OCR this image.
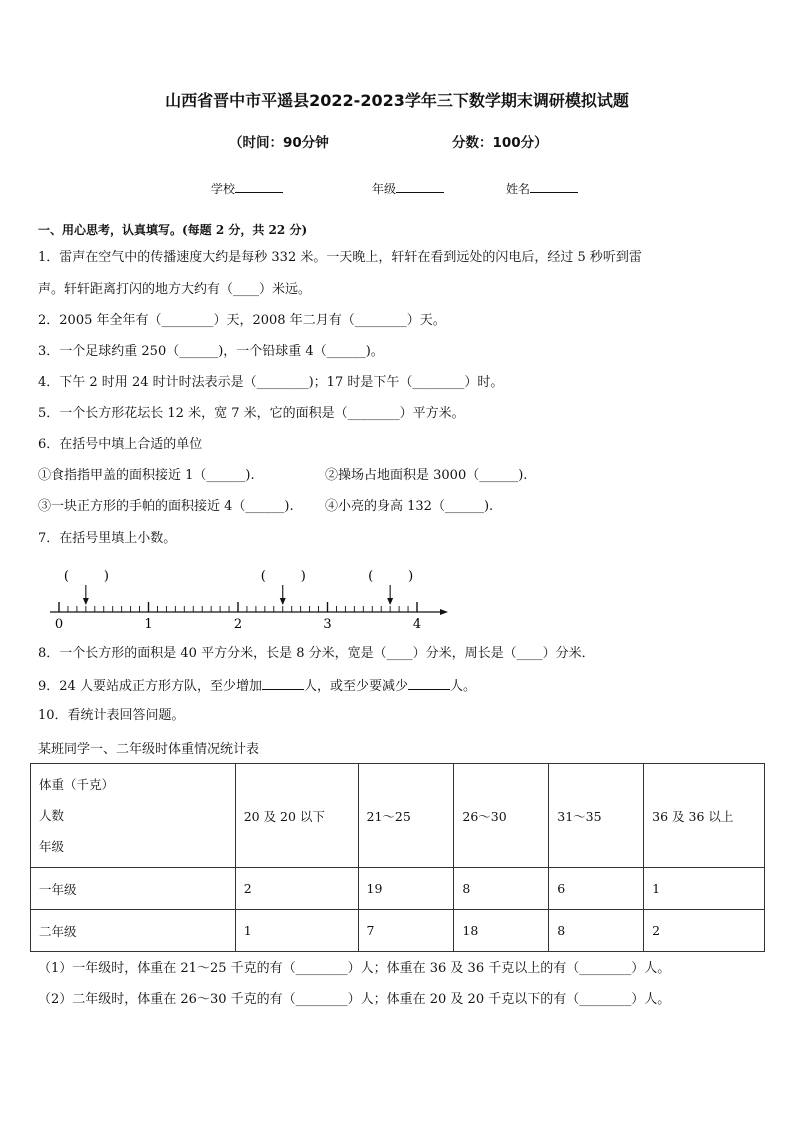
山西省晋中市平遥县2022-2023学年三下数学期末调研模拟试题
（时间：90分钟	分数：100分）
学校	年级	姓名
一、用心思考，认真填写。(每题 2 分，共 22 分)
1．雷声在空气中的传播速度大约是每秒 332 米。一天晚上，轩轩在看到远处的闪电后，经过 5 秒听到雷
声。轩轩距离打闪的地方大约有（____）米远。
2．2005 年全年有（________）天，2008 年二月有（________）天。
3．一个足球约重 250（______)，一个铅球重 4（______)。
4．下午 2 时用 24 时计时法表示是（________)；17 时是下午（________）时。
5．一个长方形花坛长 12 米，宽 7 米，它的面积是（________）平方米。
6．在括号中填上合适的单位
①食指指甲盖的面积接近 1（______).	②操场占地面积是 3000（______).
③一块正方形的手帕的面积接近 4（______). ④小亮的身高 132（______).
7．在括号里填上小数。
0	1	2	3	4
(	)	(	)	(	)
8．一个长方形的面积是 40 平方分米，长是 8 分米，宽是（____）分米，周长是（____）分米．
9．24 人要站成正方形方队，至少增加	人，或至少要减少	人。
10．看统计表回答问题。
某班同学一、二年级时体重情况统计表
体重（千克）
人数
年级	20 及 20 以下	21～25	26～30	31～35	36 及 36 以上
一年级	2	19	8	6	1
二年级	1	7	18	8	2
（1）一年级时，体重在 21～25 千克的有（________）人；体重在 36 及 36 千克以上的有（________）人。
（2）二年级时，体重在 26～30 千克的有（________）人；体重在 20 及 20 千克以下的有（________）人。
